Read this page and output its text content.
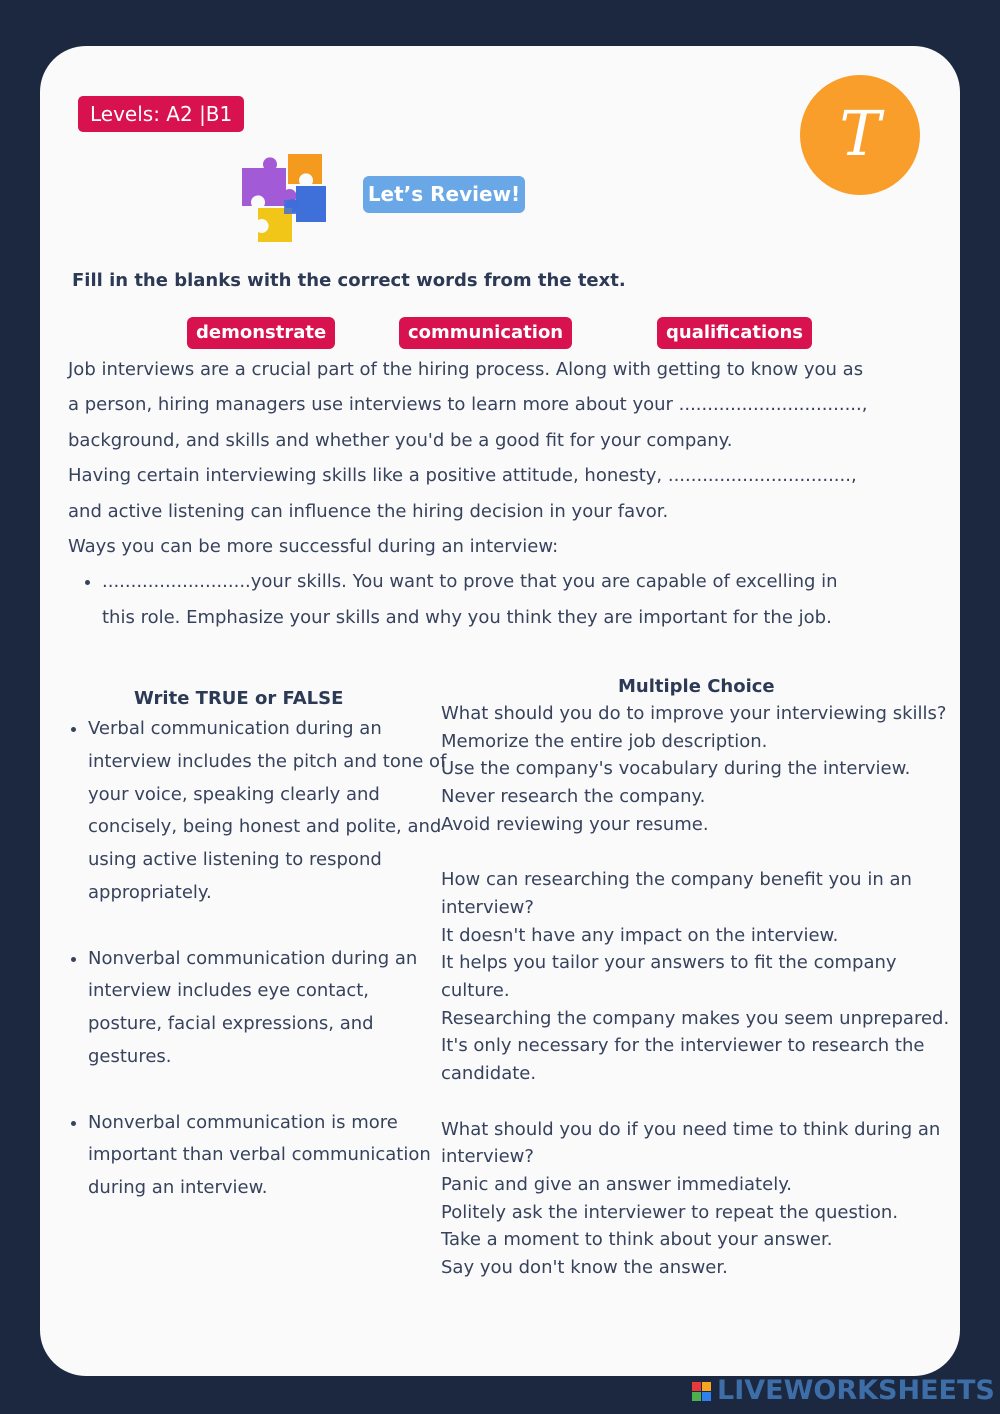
Levels: A2 |B1	T
Let’s Review!
Fill in the blanks with the correct words from the text.
demonstrate	communication	qualifications

Job interviews are a crucial part of the hiring process. Along with getting to know you as

a person, hiring managers use interviews to learn more about your ................................,

background, and skills and whether you'd be a good fit for your company.

Having certain interviewing skills like a positive attitude, honesty, ................................,

and active listening can influence the hiring decision in your favor.

Ways you can be more successful during an interview:

• ..........................your skills. You want to prove that you are capable of excelling in
this role. Emphasize your skills and why you think they are important for the job.
Write TRUE or FALSE
• Verbal communication during an interview includes the pitch and tone of your voice, speaking clearly and concisely, being honest and polite, and using active listening to respond appropriately.
• Nonverbal communication during an interview includes eye contact, posture, facial expressions, and gestures.
• Nonverbal communication is more important than verbal communication during an interview.
Multiple Choice
What should you do to improve your interviewing skills?
Memorize the entire job description.
Use the company's vocabulary during the interview.
Never research the company.
Avoid reviewing your resume.
How can researching the company benefit you in an interview?
It doesn't have any impact on the interview.
It helps you tailor your answers to fit the company culture.
Researching the company makes you seem unprepared.
It's only necessary for the interviewer to research the candidate.
What should you do if you need time to think during an interview?
Panic and give an answer immediately.
Politely ask the interviewer to repeat the question.
Take a moment to think about your answer.
Say you don't know the answer.
LIVEWORKSHEETS
